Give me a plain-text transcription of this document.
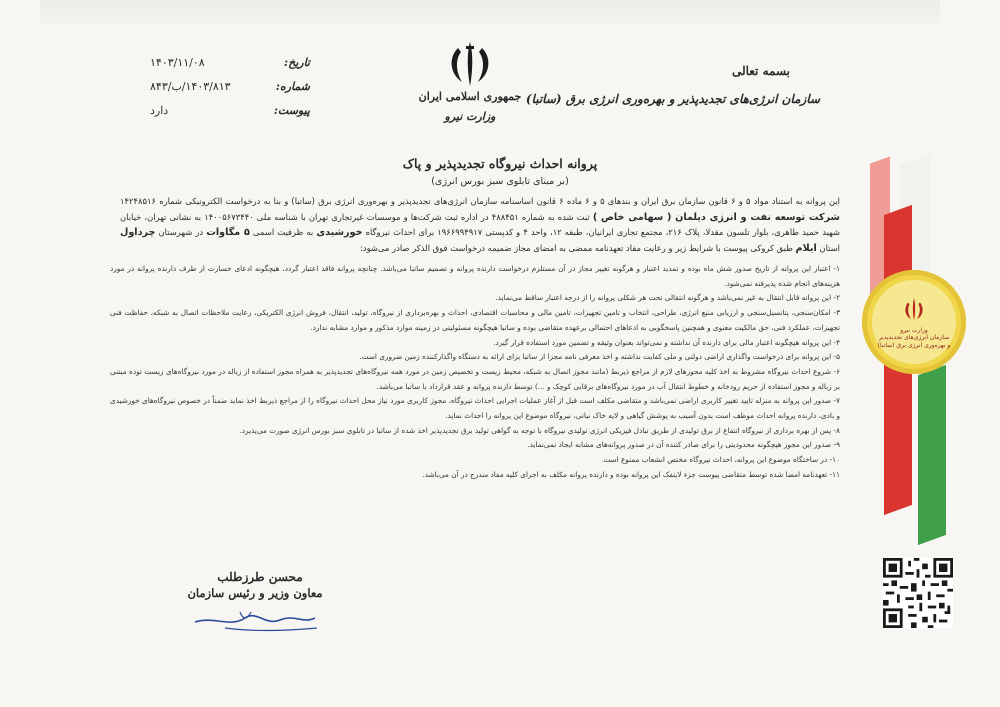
وزارت نیرو
سازمان انرژی‌های تجدیدپذیر
و بهره‌وری انرژی برق (ساتبا)
بسمه تعالی
سازمان انرژی‌های تجدیدپذیر و بهره‌وری انرژی برق (ساتبا)
جمهوری اسلامی ایران
وزارت نیرو
تاریخ:
۱۴۰۳/۱۱/۰۸
شماره:
۱۴۰۳/۸۱۳/ب/۸۴۳
پیوست:
دارد
پروانه احداث نیروگاه تجدیدپذیر و پاک
(بر مبنای تابلوی سبز بورس انرژی)
این پروانه به استناد مواد ۵ و ۶ قانون سازمان برق ایران و بندهای ۵ و ۶ ماده ۶ قانون اساسنامه سازمان انرژی‌های تجدیدپذیر و بهره‌وری انرژی برق (ساتبا) و بنا به درخواست الکترونیکی شماره ۱۴۲۴۸۵۱۶ شرکت توسعه نفت و انرژی دیلمان ( سهامی خاص ) ثبت شده به شماره ۴۸۸۴۵۱ در اداره ثبت شرکت‌ها و موسسات غیرتجاری تهران با شناسه ملی ۱۴۰۰۵۶۷۳۴۴۰ به نشانی تهران، خیابان شهید حمید طاهری، بلوار تلسون مقدلا، پلاک ۲۱۶، مجتمع تجاری ایرانیان، طبقه ۱۲، واحد ۴ و کدپستی ۱۹۶۶۹۹۴۹۱۷ برای احداث نیروگاه خورشیدی به ظرفیت اسمی ۵ مگاوات در شهرستان چرداول استان ایلام طبق کروکی پیوست با شرایط زیر و رعایت مفاد تعهدنامه ممضی به امضای مجاز ضمیمه درخواست فوق الذکر صادر می‌شود:
۱- اعتبار این پروانه از تاریخ صدور شش ماه بوده و تمدید اعتبار و هرگونه تغییر مجاز در آن مستلزم درخواست دارنده پروانه و تصمیم ساتبا می‌باشد. چنانچه پروانه فاقد اعتبار گردد، هیچگونه ادعای خسارت از طرف دارنده پروانه در مورد هزینه‌های انجام شده پذیرفته نمی‌شود.
۲- این پروانه قابل انتقال به غیر نمی‌باشد و هرگونه انتقالی تحت هر شکلی پروانه را از درجه اعتبار ساقط می‌نماید.
۳- امکان‌سنجی، پتانسیل‌سنجی و ارزیابی منبع انرژی، طراحی، انتخاب و تامین تجهیزات، تامین مالی و محاسبات اقتصادی، احداث و بهره‌برداری از نیروگاه، تولید، انتقال، فروش انرژی الکتریکی، رعایت ملاحظات اتصال به شبکه، حفاظت فنی تجهیزات، عملکرد فنی، حق مالکیت معنوی و همچنین پاسخگویی به ادعاهای احتمالی برعهده متقاضی بوده و ساتبا هیچگونه مسئولیتی در زمینه موارد مذکور و موارد مشابه ندارد.
۴- این پروانه هیچگونه اعتبار مالی برای دارنده آن نداشته و نمی‌تواند بعنوان وثیقه و تضمین مورد استفاده قرار گیرد.
۵- این پروانه برای درخواست واگذاری اراضی دولتی و ملی کفایت نداشته و اخذ معرفی نامه مجزا از ساتبا برای ارائه به دستگاه واگذارکننده زمین ضروری است.
۶- شروع احداث نیروگاه مشروط به اخذ کلیه مجوزهای لازم از مراجع ذیربط (مانند مجوز اتصال به شبکه، محیط زیست و تخصیص زمین در مورد همه نیروگاه‌های تجدیدپذیر به همراه مجوز استفاده از زباله در مورد نیروگاه‌های زیست توده مبتنی بر زباله و مجوز استفاده از حریم رودخانه و خطوط انتقال آب در مورد نیروگاه‌های برقابی کوچک و ...) توسط دارنده پروانه و عقد قرارداد با ساتبا می‌باشد.
۷- صدور این پروانه به منزله تایید تغییر کاربری اراضی نمی‌باشد و متقاضی مکلف است قبل از آغاز عملیات اجرایی احداث نیروگاه، مجوز کاربری مورد نیاز محل احداث نیروگاه را از مراجع ذیربط اخذ نماید ضمناً در خصوص نیروگاه‌های خورشیدی و بادی، دارنده پروانه احداث موظف است بدون آسیب به پوشش گیاهی و لایه خاک نباتی، نیروگاه موضوع این پروانه را احداث نماید.
۸- پس از بهره برداری از نیروگاه انتفاع از برق تولیدی از طریق تبادل فیزیکی انرژی تولیدی نیروگاه با توجه به گواهی تولید برق تجدیدپذیر اخذ شده از ساتبا در تابلوی سبز بورس انرژی صورت می‌پذیرد.
۹- صدور این مجوز هیچگونه محدودیتی را برای صادر کننده آن در صدور پروانه‌های مشابه ایجاد نمی‌نماید.
۱۰- در ساختگاه موضوع این پروانه، احداث نیروگاه مختص انشعاب ممنوع است.
۱۱- تعهدنامه امضا شده توسط متقاضی پیوست جزء لاینفک این پروانه بوده و دارنده پروانه مکلف به اجرای کلیه مفاد مندرج در آن می‌باشد.
محسن طرزطلب
معاون وزیر و رئیس سازمان
